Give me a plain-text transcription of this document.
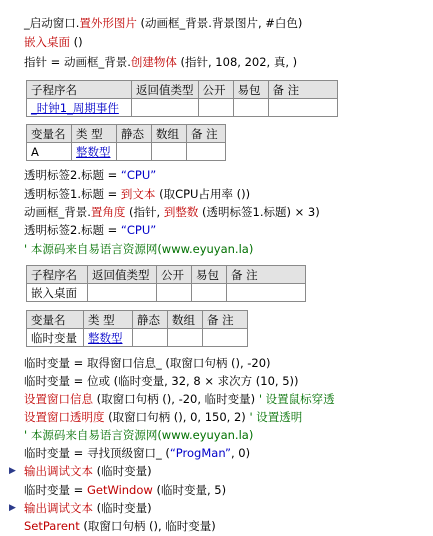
_启动窗口.置外形图片 (动画框_背景.背景图片, #白色)
嵌入桌面 ()
指针 = 动画框_背景.创建物体 (指针, 108, 202, 真, )
子程序名	返回值类型	公开	易包	备 注
_时钟1_周期事件				
变量名	类 型	静态	数组	备 注
A	整数型			
透明标签2.标题 = “CPU”
透明标签1.标题 = 到文本 (取CPU占用率 ())
动画框_背景.置角度 (指针, 到整数 (透明标签1.标题) × 3)
透明标签2.标题 = “CPU”
' 本源码来自易语言资源网(www.eyuyan.la)
子程序名	返回值类型	公开	易包	备 注
嵌入桌面				
变量名	类 型	静态	数组	备 注
临时变量	整数型			
临时变量 = 取得窗口信息_ (取窗口句柄 (), -20)
临时变量 = 位或 (临时变量, 32, 8 × 求次方 (10, 5))
设置窗口信息 (取窗口句柄 (), -20, 临时变量) ' 设置鼠标穿透
设置窗口透明度 (取窗口句柄 (), 0, 150, 2) ' 设置透明
' 本源码来自易语言资源网(www.eyuyan.la)
临时变量 = 寻找顶级窗口_ (“ProgMan”, 0)
▶ 输出调试文本 (临时变量)
临时变量 = GetWindow (临时变量, 5)
▶ 输出调试文本 (临时变量)
SetParent (取窗口句柄 (), 临时变量)
